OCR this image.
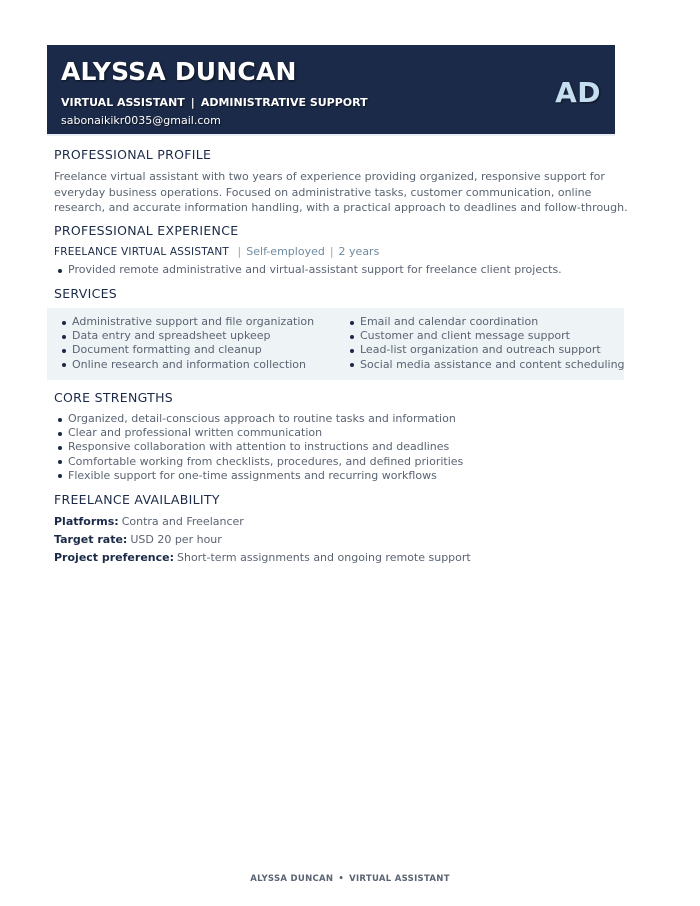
ALYSSA DUNCAN
VIRTUAL ASSISTANT | ADMINISTRATIVE SUPPORT
sabonaikikr0035@gmail.com
AD
PROFESSIONAL PROFILE

Freelance virtual assistant with two years of experience providing organized, responsive support for everyday business operations. Focused on administrative tasks, customer communication, online research, and accurate information handling, with a practical approach to deadlines and follow-through.

PROFESSIONAL EXPERIENCE
FREELANCE VIRTUAL ASSISTANT | Self-employed | 2 years
Provided remote administrative and virtual-assistant support for freelance client projects.
SERVICES
Administrative support and file organization
Data entry and spreadsheet upkeep
Document formatting and cleanup
Online research and information collection
Email and calendar coordination
Customer and client message support
Lead-list organization and outreach support
Social media assistance and content scheduling
CORE STRENGTHS
Organized, detail-conscious approach to routine tasks and information
Clear and professional written communication
Responsive collaboration with attention to instructions and deadlines
Comfortable working from checklists, procedures, and defined priorities
Flexible support for one-time assignments and recurring workflows
FREELANCE AVAILABILITY
Platforms: Contra and Freelancer
Target rate: USD 20 per hour
Project preference: Short-term assignments and ongoing remote support
ALYSSA DUNCAN • VIRTUAL ASSISTANT
